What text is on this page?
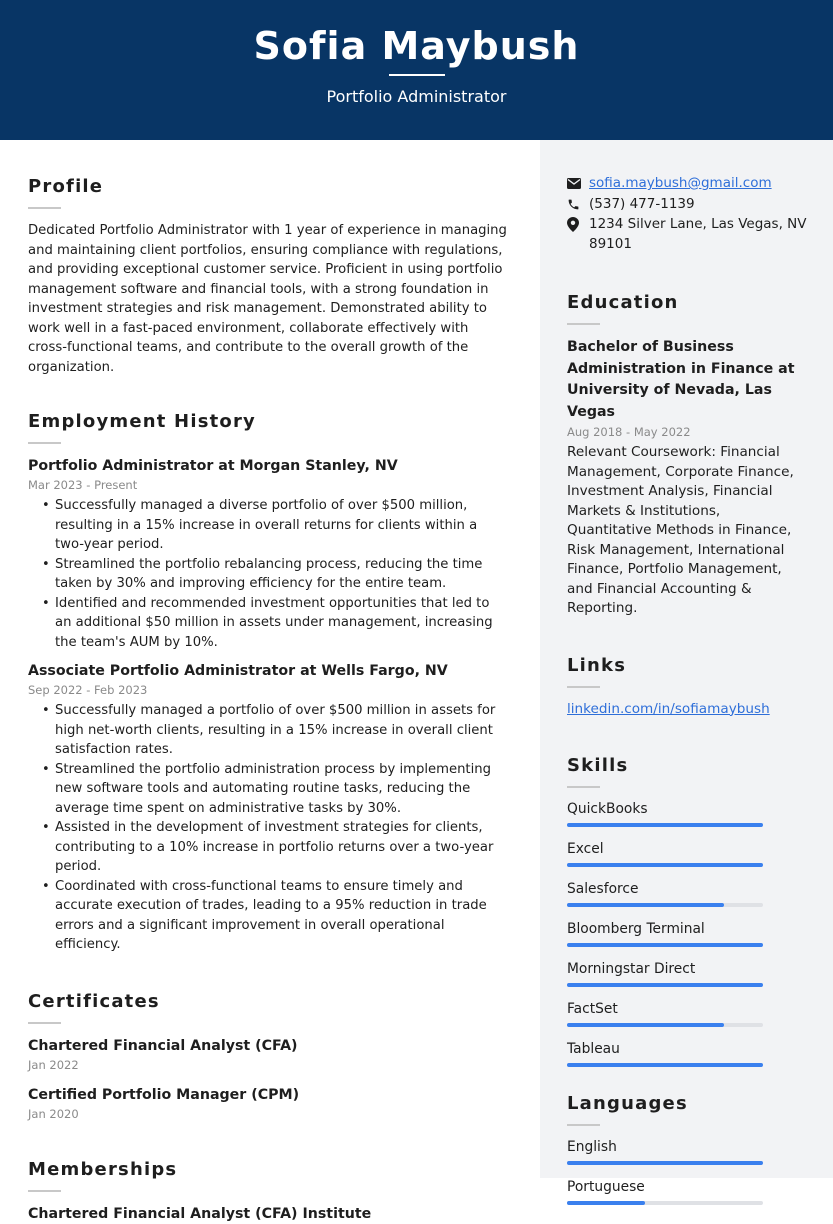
Sofia Maybush
Portfolio Administrator
Profile
Dedicated Portfolio Administrator with 1 year of experience in managing and maintaining client portfolios, ensuring compliance with regulations, and providing exceptional customer service. Proficient in using portfolio management software and financial tools, with a strong foundation in investment strategies and risk management. Demonstrated ability to work well in a fast-paced environment, collaborate effectively with cross-functional teams, and contribute to the overall growth of the organization.
Employment History
Portfolio Administrator at Morgan Stanley, NV
Mar 2023 - Present
• Successfully managed a diverse portfolio of over $500 million, resulting in a 15% increase in overall returns for clients within a two-year period.
• Streamlined the portfolio rebalancing process, reducing the time taken by 30% and improving efficiency for the entire team.
• Identified and recommended investment opportunities that led to an additional $50 million in assets under management, increasing the team's AUM by 10%.
Associate Portfolio Administrator at Wells Fargo, NV
Sep 2022 - Feb 2023
• Successfully managed a portfolio of over $500 million in assets for high net-worth clients, resulting in a 15% increase in overall client satisfaction rates.
• Streamlined the portfolio administration process by implementing new software tools and automating routine tasks, reducing the average time spent on administrative tasks by 30%.
• Assisted in the development of investment strategies for clients, contributing to a 10% increase in portfolio returns over a two-year period.
• Coordinated with cross-functional teams to ensure timely and accurate execution of trades, leading to a 95% reduction in trade errors and a significant improvement in overall operational efficiency.
Certificates
Chartered Financial Analyst (CFA)
Jan 2022
Certified Portfolio Manager (CPM)
Jan 2020
Memberships
Chartered Financial Analyst (CFA) Institute
sofia.maybush@gmail.com
(537) 477-1139
1234 Silver Lane, Las Vegas, NV 89101
Education
Bachelor of Business Administration in Finance at University of Nevada, Las Vegas
Aug 2018 - May 2022
Relevant Coursework: Financial Management, Corporate Finance, Investment Analysis, Financial Markets & Institutions, Quantitative Methods in Finance, Risk Management, International Finance, Portfolio Management, and Financial Accounting & Reporting.
Links
linkedin.com/in/sofiamaybush
Skills
QuickBooks
Excel
Salesforce
Bloomberg Terminal
Morningstar Direct
FactSet
Tableau
Languages
English
Portuguese
